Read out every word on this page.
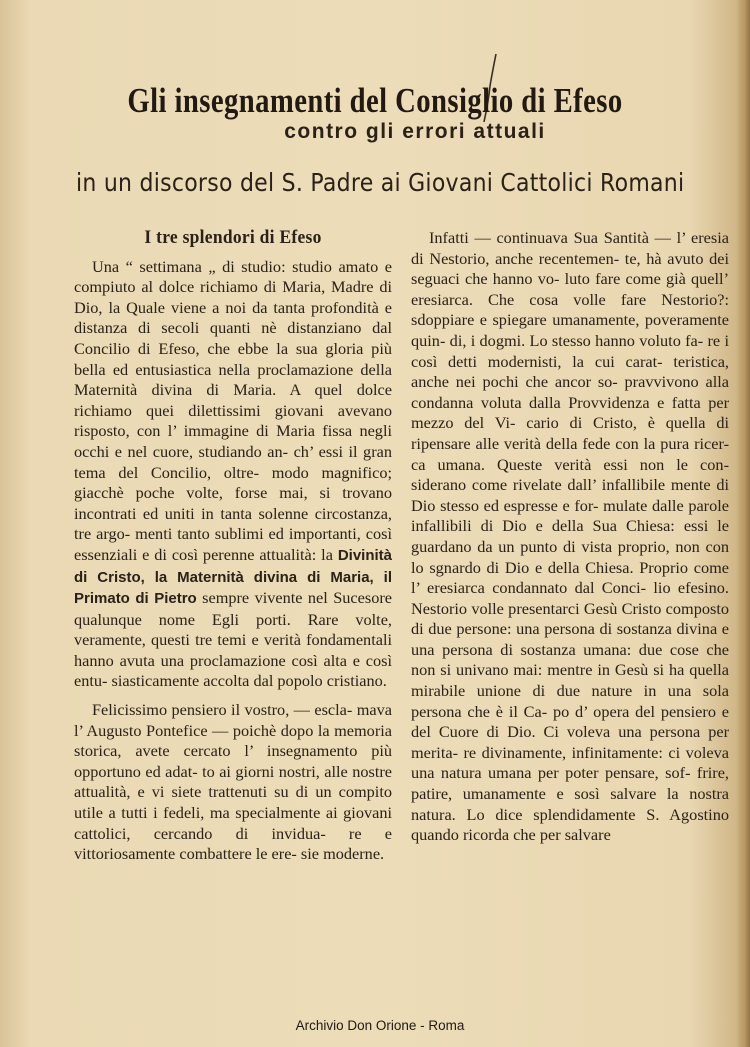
Gli insegnamenti del Consiglio di Efeso
contro gli errori attuali
in un discorso del S. Padre ai Giovani Cattolici Romani
I tre splendori di Efeso

Una “ settimana „ di studio: studio amato e compiuto al dolce richiamo di Maria, Madre di Dio, la Quale viene a noi da tanta profondità e distanza di secoli quanti nè distanziano dal Concilio di Efeso, che ebbe la sua gloria più bella ed entusiastica nella proclamazione della Maternità divina di Maria. A quel dolce richiamo quei dilettissimi giovani avevano risposto, con l’ immagine di Maria fissa negli occhi e nel cuore, studiando an- ch’ essi il gran tema del Concilio, oltre- modo magnifico; giacchè poche volte, forse mai, si trovano incontrati ed uniti in tanta solenne circostanza, tre argo- menti tanto sublimi ed importanti, così essenziali e di così perenne attualità: la Divinità di Cristo, la Maternità divina di Maria, il Primato di Pietro sempre vivente nel Sucesore qualunque nome Egli porti. Rare volte, veramente, questi tre temi e verità fondamentali hanno avuta una proclamazione così alta e così entu- siasticamente accolta dal popolo cristiano.

Felicissimo pensiero il vostro, — escla- mava l’ Augusto Pontefice — poichè dopo la memoria storica, avete cercato l’ insegnamento più opportuno ed adat- to ai giorni nostri, alle nostre attualità, e vi siete trattenuti su di un compito utile a tutti i fedeli, ma specialmente ai giovani cattolici, cercando di invidua- re e vittoriosamente combattere le ere- sie moderne.

Infatti — continuava Sua Santità — l’ eresia di Nestorio, anche recentemen- te, hà avuto dei seguaci che hanno vo- luto fare come già quell’ eresiarca. Che cosa volle fare Nestorio?: sdoppiare e spiegare umanamente, poveramente quin- di, i dogmi. Lo stesso hanno voluto fa- re i così detti modernisti, la cui carat- teristica, anche nei pochi che ancor so- pravvivono alla condanna voluta dalla Provvidenza e fatta per mezzo del Vi- cario di Cristo, è quella di ripensare alle verità della fede con la pura ricer- ca umana. Queste verità essi non le con- siderano come rivelate dall’ infallibile mente di Dio stesso ed espresse e for- mulate dalle parole infallibili di Dio e della Sua Chiesa: essi le guardano da un punto di vista proprio, non con lo sgnardo di Dio e della Chiesa. Proprio come l’ eresiarca condannato dal Conci- lio efesino. Nestorio volle presentarci Gesù Cristo composto di due persone: una persona di sostanza divina e una persona di sostanza umana: due cose che non si univano mai: mentre in Gesù si ha quella mirabile unione di due nature in una sola persona che è il Ca- po d’ opera del pensiero e del Cuore di Dio. Ci voleva una persona per merita- re divinamente, infinitamente: ci voleva una natura umana per poter pensare, sof- frire, patire, umanamente e sosì salvare la nostra natura. Lo dice splendidamente S. Agostino quando ricorda che per salvare

Archivio Don Orione - Roma
